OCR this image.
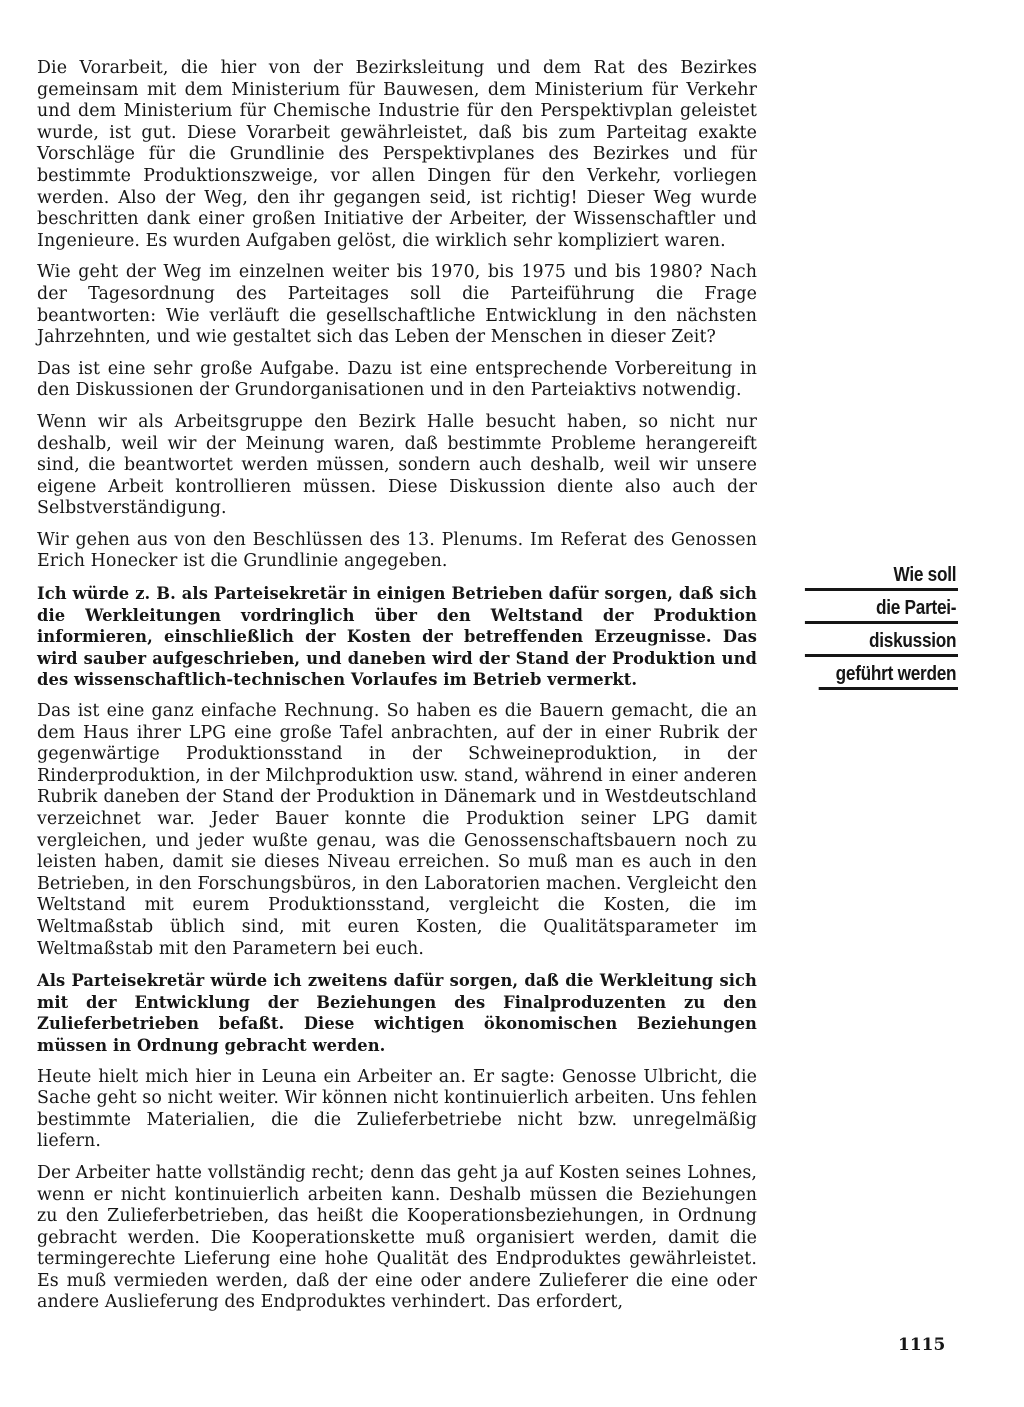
Die Vorarbeit, die hier von der Bezirksleitung und dem Rat des Bezirkes gemeinsam mit dem Ministerium für Bauwesen, dem Ministerium für Verkehr und dem Ministerium für Chemische Industrie für den Perspektivplan geleistet wurde, ist gut. Diese Vorarbeit gewährleistet, daß bis zum Parteitag exakte Vorschläge für die Grundlinie des Perspektivplanes des Bezirkes und für bestimmte Produktionszweige, vor allen Dingen für den Verkehr, vorliegen werden. Also der Weg, den ihr gegangen seid, ist richtig! Dieser Weg wurde beschritten dank einer großen Initiative der Arbeiter, der Wissenschaftler und Ingenieure. Es wurden Aufgaben gelöst, die wirklich sehr kompliziert waren.

Wie geht der Weg im einzelnen weiter bis 1970, bis 1975 und bis 1980? Nach der Tagesordnung des Parteitages soll die Parteiführung die Frage beantworten: Wie verläuft die gesellschaftliche Entwicklung in den nächsten Jahrzehnten, und wie gestaltet sich das Leben der Menschen in dieser Zeit?

Das ist eine sehr große Aufgabe. Dazu ist eine entsprechende Vorbereitung in den Diskussionen der Grundorganisationen und in den Parteiaktivs notwendig.

Wenn wir als Arbeitsgruppe den Bezirk Halle besucht haben, so nicht nur deshalb, weil wir der Meinung waren, daß bestimmte Probleme herangereift sind, die beantwortet werden müssen, sondern auch deshalb, weil wir unsere eigene Arbeit kontrollieren müssen. Diese Diskussion diente also auch der Selbstverständigung.

Wir gehen aus von den Beschlüssen des 13. Plenums. Im Referat des Genossen Erich Honecker ist die Grundlinie angegeben.

Ich würde z. B. als Parteisekretär in einigen Betrieben dafür sorgen, daß sich die Werkleitungen vordringlich über den Weltstand der Produktion informieren, einschließlich der Kosten der betreffenden Erzeugnisse. Das wird sauber aufgeschrieben, und daneben wird der Stand der Produktion und des wissenschaftlich-technischen Vorlaufes im Betrieb vermerkt.

Das ist eine ganz einfache Rechnung. So haben es die Bauern gemacht, die an dem Haus ihrer LPG eine große Tafel anbrachten, auf der in einer Rubrik der gegenwärtige Produktionsstand in der Schweineproduktion, in der Rinderproduktion, in der Milchproduktion usw. stand, während in einer anderen Rubrik daneben der Stand der Produktion in Dänemark und in Westdeutschland verzeichnet war. Jeder Bauer konnte die Produktion seiner LPG damit vergleichen, und jeder wußte genau, was die Genossenschaftsbauern noch zu leisten haben, damit sie dieses Niveau erreichen. So muß man es auch in den Betrieben, in den Forschungsbüros, in den Laboratorien machen. Vergleicht den Weltstand mit eurem Produktionsstand, vergleicht die Kosten, die im Weltmaßstab üblich sind, mit euren Kosten, die Qualitätsparameter im Weltmaßstab mit den Parametern bei euch.

Als Parteisekretär würde ich zweitens dafür sorgen, daß die Werkleitung sich mit der Entwicklung der Beziehungen des Finalproduzenten zu den Zulieferbetrieben befaßt. Diese wichtigen ökonomischen Beziehungen müssen in Ordnung gebracht werden.

Heute hielt mich hier in Leuna ein Arbeiter an. Er sagte: Genosse Ulbricht, die Sache geht so nicht weiter. Wir können nicht kontinuierlich arbeiten. Uns fehlen bestimmte Materialien, die die Zulieferbetriebe nicht bzw. unregelmäßig liefern.

Der Arbeiter hatte vollständig recht; denn das geht ja auf Kosten seines Lohnes, wenn er nicht kontinuierlich arbeiten kann. Deshalb müssen die Beziehungen zu den Zulieferbetrieben, das heißt die Kooperationsbeziehungen, in Ordnung gebracht werden. Die Kooperationskette muß organisiert werden, damit die termingerechte Lieferung eine hohe Qualität des Endproduktes gewährleistet. Es muß vermieden werden, daß der eine oder andere Zulieferer die eine oder andere Auslieferung des Endproduktes verhindert. Das erfordert,

Wie soll
die Partei-
diskussion
geführt werden
1115
